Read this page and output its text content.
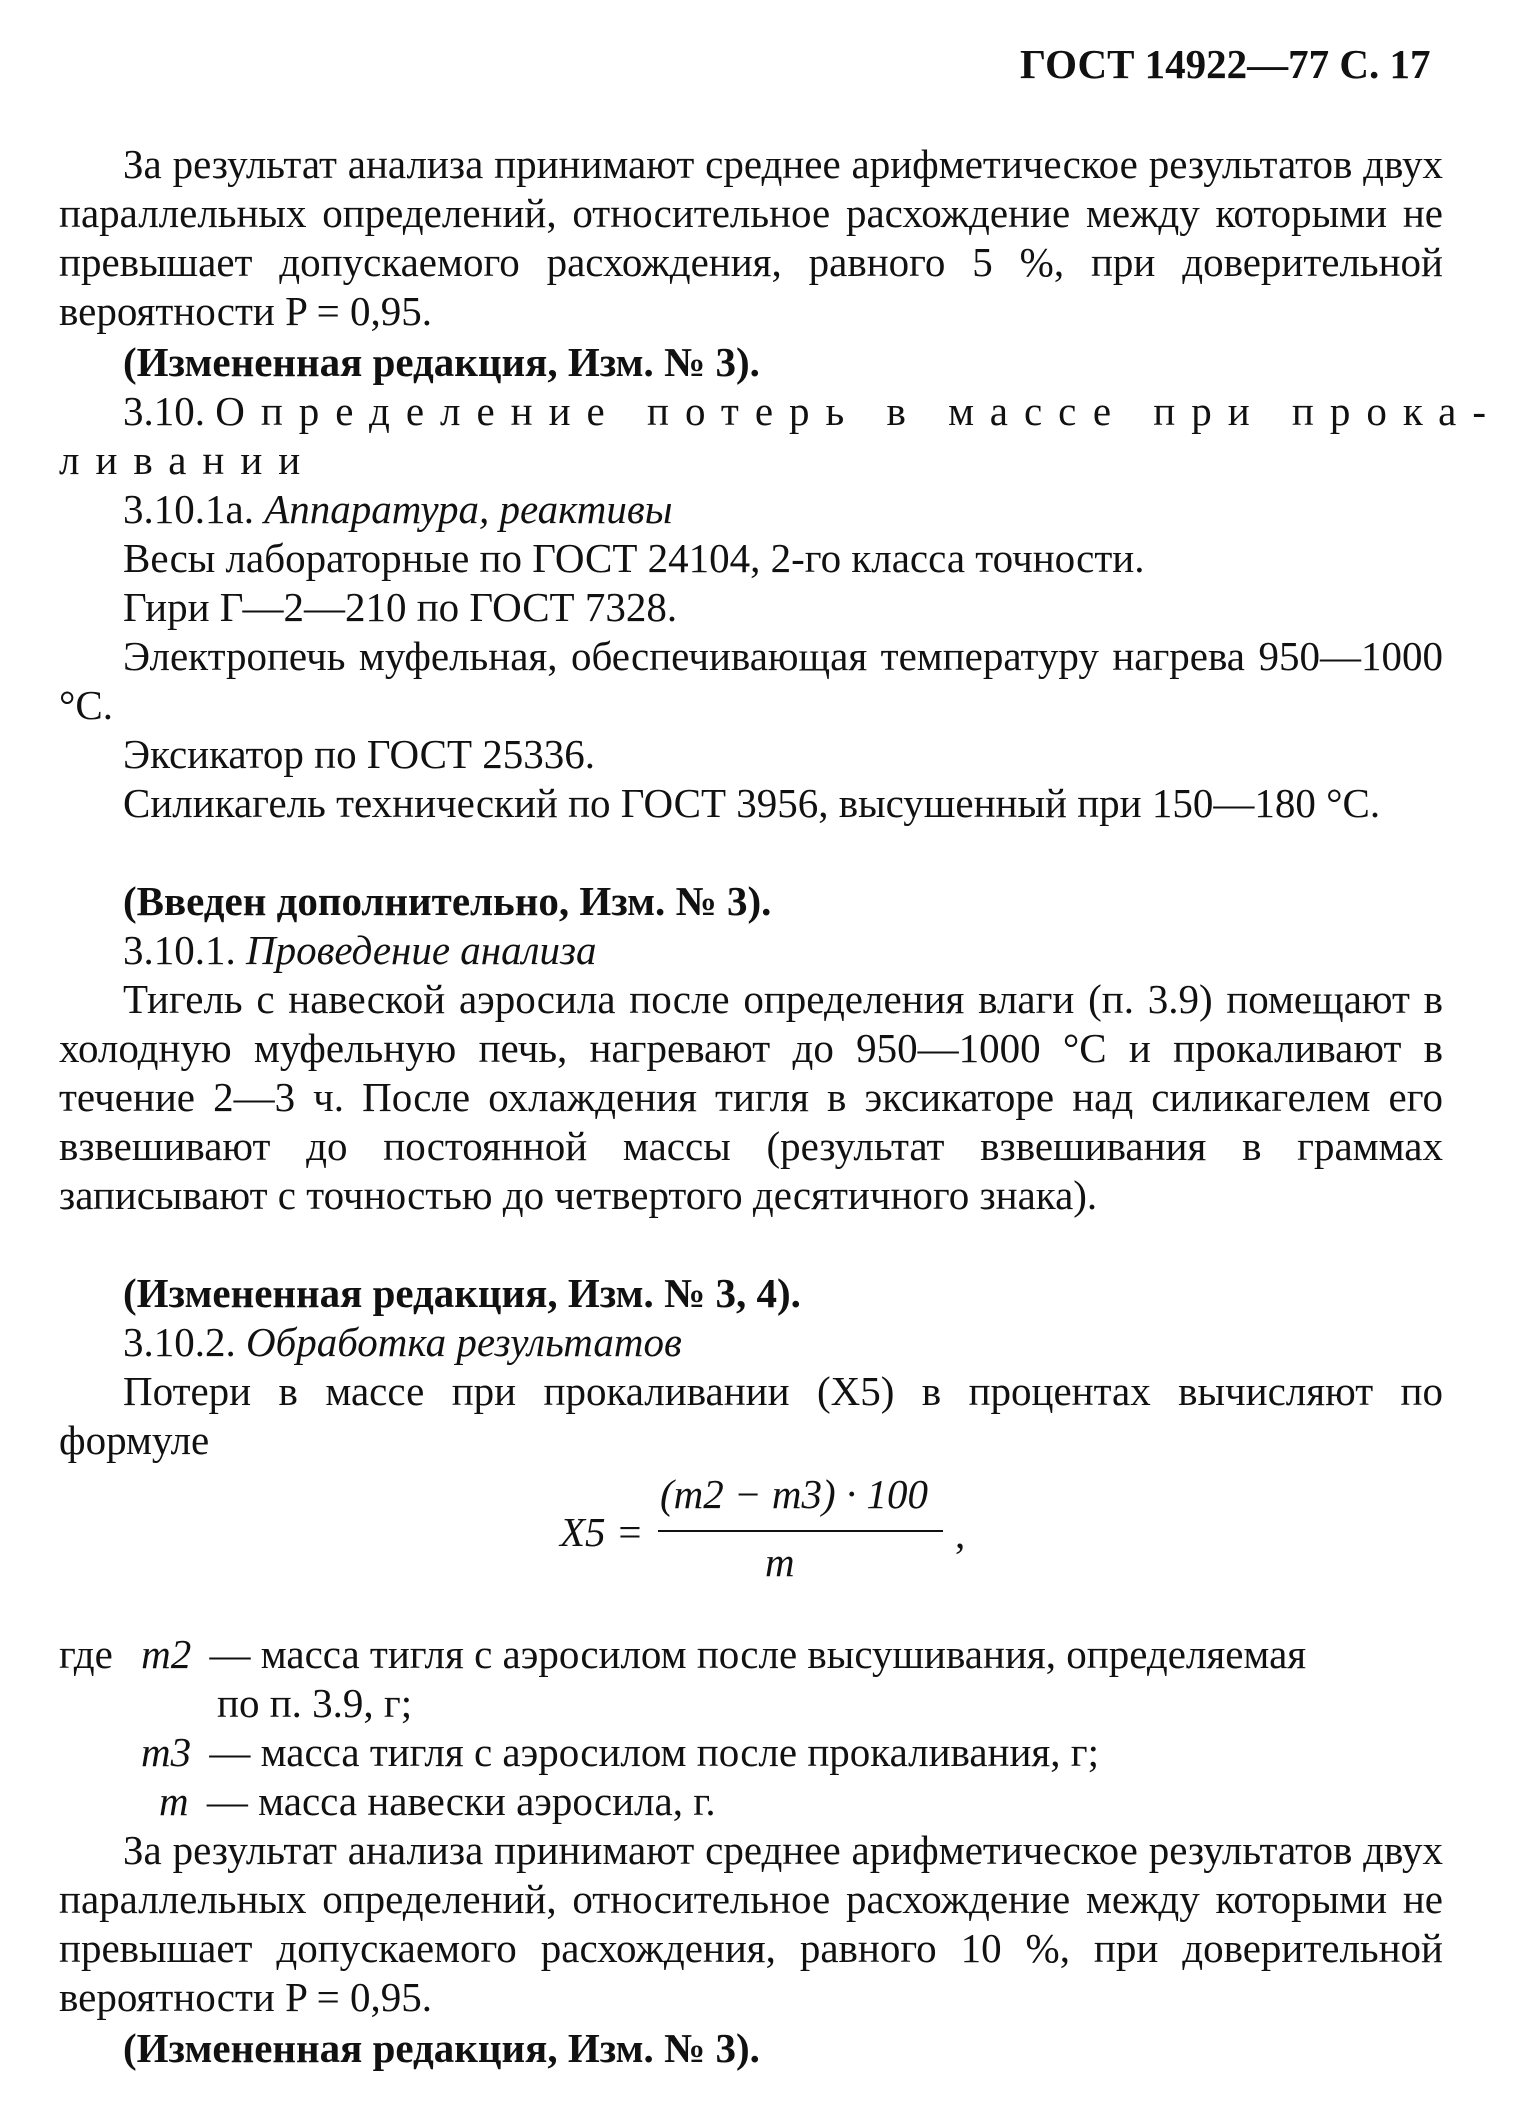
ГОСТ 14922—77 С. 17

За результат анализа принимают среднее арифметическое результатов двух параллельных определений, относительное расхождение между которыми не превышает допускаемого расхождения, равного 5 %, при доверительной вероятности P = 0,95.

(Измененная редакция, Изм. № 3).
3.10. Определение потерь в массе при прока-
ливании
3.10.1а. Аппаратура, реактивы
Весы лабораторные по ГОСТ 24104, 2-го класса точности.
Гири Г—2—210 по ГОСТ 7328.

Электропечь муфельная, обеспечивающая температуру нагрева 950—1000 °С.

Эксикатор по ГОСТ 25336.

Силикагель технический по ГОСТ 3956, высушенный при 150—180 °С.

(Введен дополнительно, Изм. № 3).
3.10.1. Проведение анализа

Тигель с навеской аэросила после определения влаги (п. 3.9) помещают в холодную муфельную печь, нагревают до 950—1000 °С и прокаливают в течение 2—3 ч. После охлаждения тигля в эксикаторе над силикагелем его взвешивают до постоянной массы (результат взвешивания в граммах записывают с точностью до четвертого десятичного знака).

(Измененная редакция, Изм. № 3, 4).
3.10.2. Обработка результатов

Потери в массе при прокаливании (X5) в процентах вычисляют по формуле

X5 =
(m2 − m3) · 100
m
,
где m2 — масса тигля с аэросилом после высушивания, определяемая
по п. 3.9, г;
m3 — масса тигля с аэросилом после прокаливания, г;
m — масса навески аэросила, г.

За результат анализа принимают среднее арифметическое результатов двух параллельных определений, относительное расхождение между которыми не превышает допускаемого расхождения, равного 10 %, при доверительной вероятности P = 0,95.

(Измененная редакция, Изм. № 3).
